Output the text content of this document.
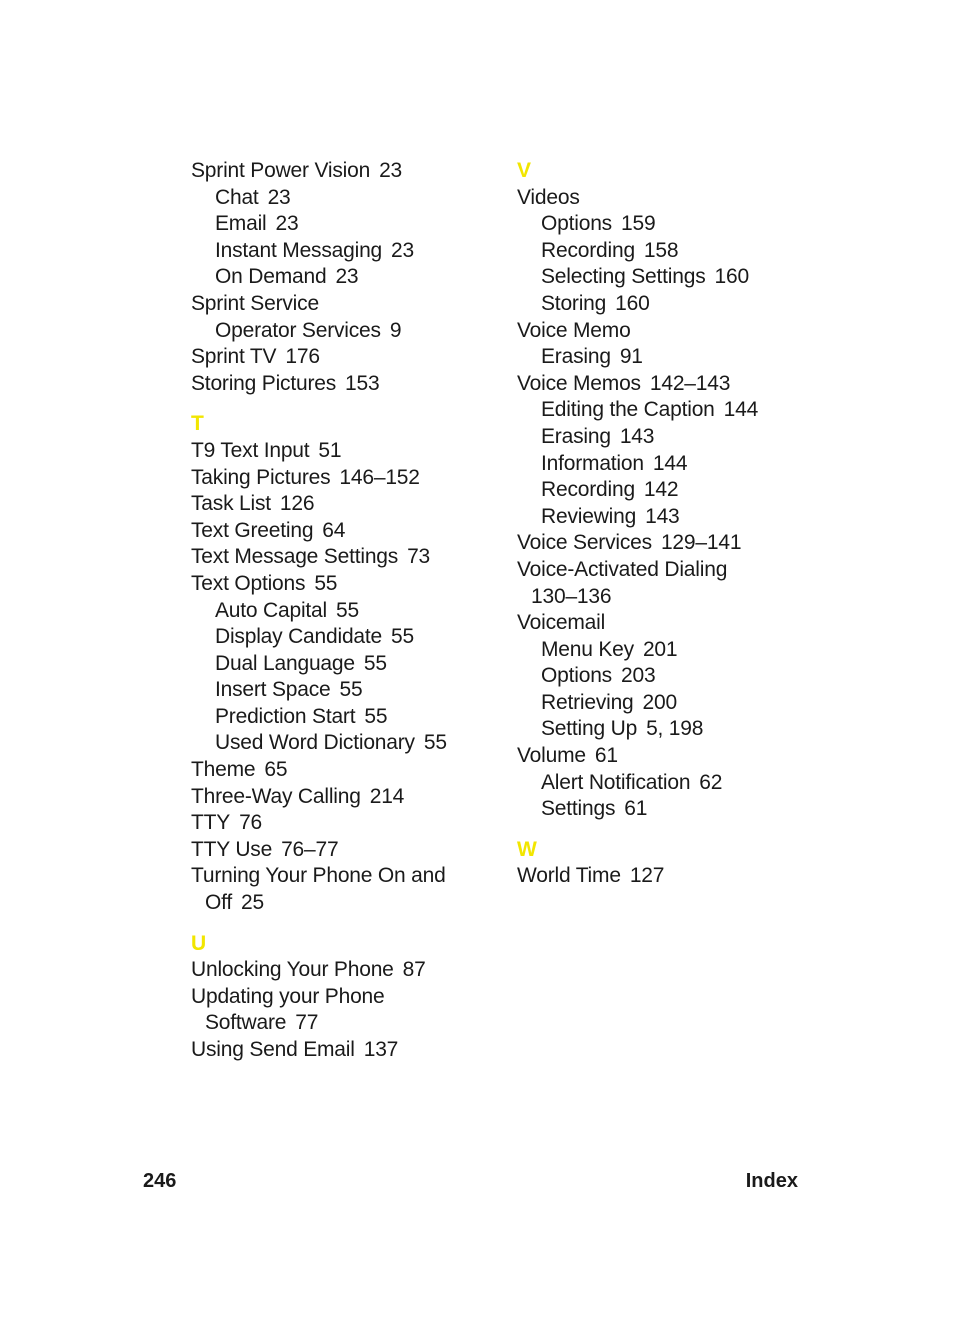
Sprint Power Vision 23
Chat 23
Email 23
Instant Messaging 23
On Demand 23
Sprint Service
Operator Services 9
Sprint TV 176
Storing Pictures 153
T
T9 Text Input 51
Taking Pictures 146–152
Task List 126
Text Greeting 64
Text Message Settings 73
Text Options 55
Auto Capital 55
Display Candidate 55
Dual Language 55
Insert Space 55
Prediction Start 55
Used Word Dictionary 55
Theme 65
Three-Way Calling 214
TTY 76
TTY Use 76–77
Turning Your Phone On and
Off 25
U
Unlocking Your Phone 87
Updating your Phone
Software 77
Using Send Email 137
V
Videos
Options 159
Recording 158
Selecting Settings 160
Storing 160
Voice Memo
Erasing 91
Voice Memos 142–143
Editing the Caption 144
Erasing 143
Information 144
Recording 142
Reviewing 143
Voice Services 129–141
Voice-Activated Dialing
130–136
Voicemail
Menu Key 201
Options 203
Retrieving 200
Setting Up 5, 198
Volume 61
Alert Notification 62
Settings 61
W
World Time 127
246	Index
